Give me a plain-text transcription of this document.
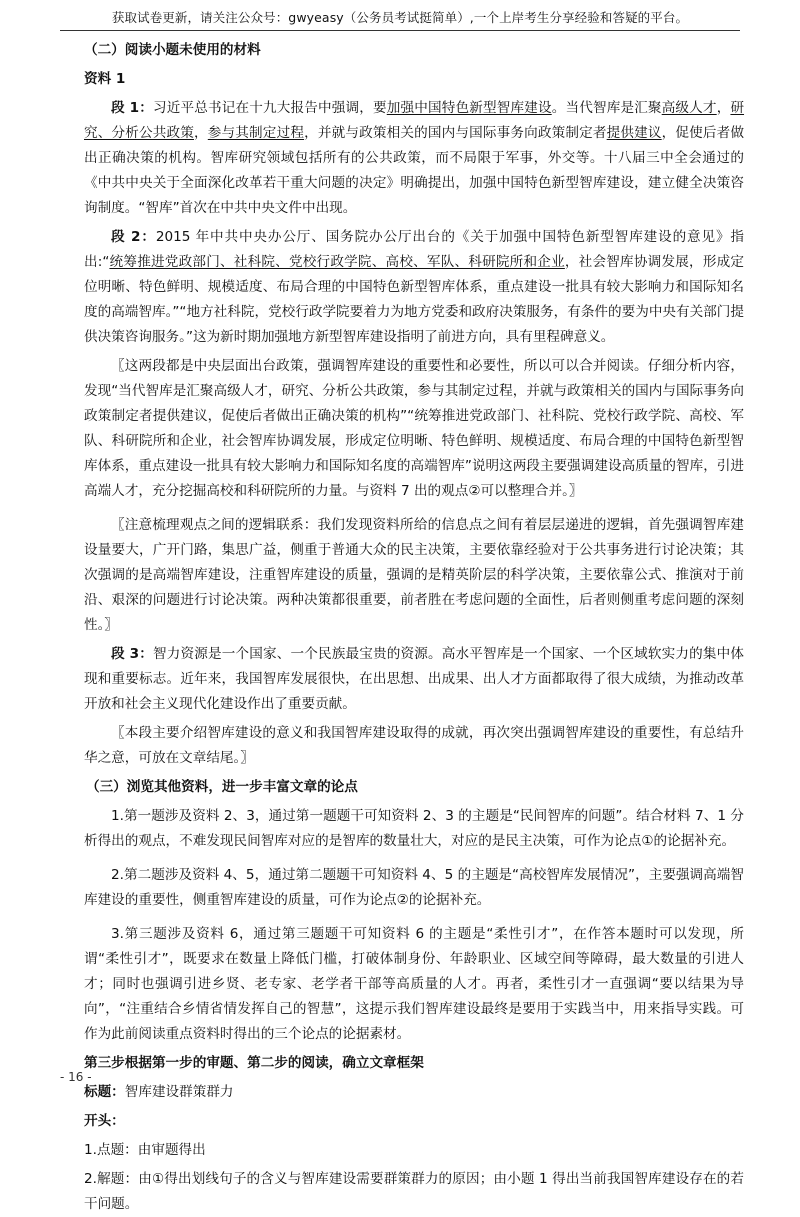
获取试卷更新，请关注公众号：gwyeasy（公务员考试挺简单）,一个上岸考生分享经验和答疑的平台。

（二）阅读小题未使用的材料

资料 1

段 1：习近平总书记在十九大报告中强调，要加强中国特色新型智库建设。当代智库是汇聚高级人才，研究、分析公共政策，参与其制定过程，并就与政策相关的国内与国际事务向政策制定者提供建议，促使后者做出正确决策的机构。智库研究领域包括所有的公共政策，而不局限于军事，外交等。十八届三中全会通过的《中共中央关于全面深化改革若干重大问题的决定》明确提出，加强中国特色新型智库建设，建立健全决策咨询制度。“智库”首次在中共中央文件中出现。

段 2：2015 年中共中央办公厅、国务院办公厅出台的《关于加强中国特色新型智库建设的意见》指出:“统筹推进党政部门、社科院、党校行政学院、高校、军队、科研院所和企业，社会智库协调发展，形成定位明晰、特色鲜明、规模适度、布局合理的中国特色新型智库体系，重点建设一批具有较大影响力和国际知名度的高端智库。”“地方社科院，党校行政学院要着力为地方党委和政府决策服务，有条件的要为中央有关部门提供决策咨询服务。”这为新时期加强地方新型智库建设指明了前进方向，具有里程碑意义。

〖这两段都是中央层面出台政策，强调智库建设的重要性和必要性，所以可以合并阅读。仔细分析内容，发现“当代智库是汇聚高级人才，研究、分析公共政策，参与其制定过程，并就与政策相关的国内与国际事务向政策制定者提供建议，促使后者做出正确决策的机构”“统筹推进党政部门、社科院、党校行政学院、高校、军队、科研院所和企业，社会智库协调发展，形成定位明晰、特色鲜明、规模适度、布局合理的中国特色新型智库体系，重点建设一批具有较大影响力和国际知名度的高端智库”说明这两段主要强调建设高质量的智库，引进高端人才，充分挖掘高校和科研院所的力量。与资料 7 出的观点②可以整理合并。〗

〖注意梳理观点之间的逻辑联系：我们发现资料所给的信息点之间有着层层递进的逻辑，首先强调智库建设量要大，广开门路，集思广益，侧重于普通大众的民主决策，主要依靠经验对于公共事务进行讨论决策；其次强调的是高端智库建设，注重智库建设的质量，强调的是精英阶层的科学决策，主要依靠公式、推演对于前沿、艰深的问题进行讨论决策。两种决策都很重要，前者胜在考虑问题的全面性，后者则侧重考虑问题的深刻性。〗

段 3：智力资源是一个国家、一个民族最宝贵的资源。高水平智库是一个国家、一个区域软实力的集中体现和重要标志。近年来，我国智库发展很快，在出思想、出成果、出人才方面都取得了很大成绩，为推动改革开放和社会主义现代化建设作出了重要贡献。

〖本段主要介绍智库建设的意义和我国智库建设取得的成就，再次突出强调智库建设的重要性，有总结升华之意，可放在文章结尾。〗

（三）浏览其他资料，进一步丰富文章的论点

1.第一题涉及资料 2、3，通过第一题题干可知资料 2、3 的主题是“民间智库的问题”。结合材料 7、1 分析得出的观点，不难发现民间智库对应的是智库的数量壮大，对应的是民主决策，可作为论点①的论据补充。

2.第二题涉及资料 4、5，通过第二题题干可知资料 4、5 的主题是“高校智库发展情况”，主要强调高端智库建设的重要性，侧重智库建设的质量，可作为论点②的论据补充。

3.第三题涉及资料 6，通过第三题题干可知资料 6 的主题是“柔性引才”，在作答本题时可以发现，所谓“柔性引才”，既要求在数量上降低门槛，打破体制身份、年龄职业、区域空间等障碍，最大数量的引进人才；同时也强调引进乡贤、老专家、老学者干部等高质量的人才。再者，柔性引才一直强调“要以结果为导向”，“注重结合乡情省情发挥自己的智慧”，这提示我们智库建设最终是要用于实践当中，用来指导实践。可作为此前阅读重点资料时得出的三个论点的论据素材。

第三步根据第一步的审题、第二步的阅读，确立文章框架

标题：智库建设群策群力

开头：

1.点题：由审题得出

2.解题：由①得出划线句子的含义与智库建设需要群策群力的原因；由小题 1 得出当前我国智库建设存在的若干问题。

- 16 -
